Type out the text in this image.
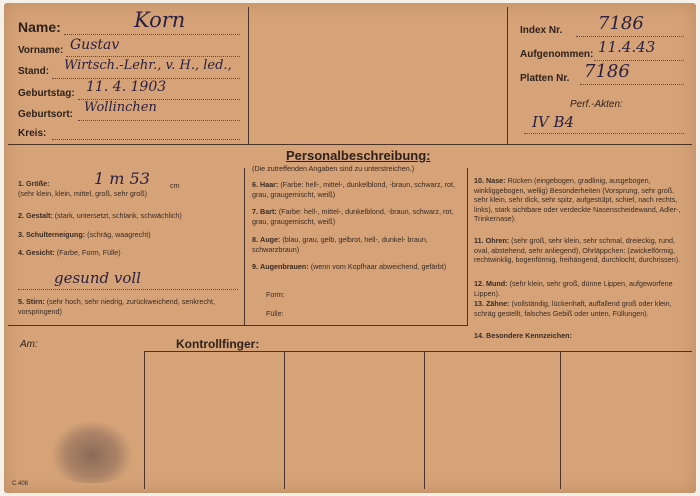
Name:	Korn
Vorname: Gustav
Stand: Wirtsch.-Lehr., v. H., led.,
Geburtstag: 11. 4. 1903
Geburtsort: Wollinchen
Kreis:
Index Nr. 7186
Aufgenommen: 11.4.43
Platten Nr. 7186
Perf.-Akten:
IV B4
Personalbeschreibung:
(Die zutreffenden Angaben sind zu unterstreichen.)
1. Größe:
(sehr klein, klein, mittel, groß, sehr groß)
1 m 53	cm
2. Gestalt: (stark, untersetzt, schlank, schwächlich)
3. Schulterneigung: (schräg, waagrecht)
4. Gesicht: (Farbe, Form, Fülle)
gesund voll
5. Stirn: (sehr hoch, sehr niedrig, zurückweichend, senkrecht, vorspringend)
6. Haar: (Farbe: hell-, mittel-, dunkelblond, -braun, schwarz, rot, grau, graugemischt, weiß)
7. Bart: (Farbe: hell-, mittel-, dunkelblond, -braun, schwarz, rot, grau, graugemischt, weiß)
8. Auge: (blau, grau, gelb, gelbrot, hell-, dunkel- braun, schwarzbraun)
9. Augenbrauen: (wenn vom Kopfhaar abweichend, gefärbt)
Form:
Fülle:
10. Nase: Rücken (eingebogen, gradlinig, ausgebogen, winkliggebogen, wellig) Besonderheiten (Vorsprung, sehr groß, sehr klein, sehr dick, sehr spitz, aufgestülpt, schief, nach rechts, links), stark sichtbare oder verdeckte Nasenscheidewand, Adler-, Trinkernase).
11. Ohren: (sehr groß, sehr klein, sehr schmal, dreieckig, rund, oval, abstehend, sehr anliegend), Ohrläppchen: (zwickelförmig, rechtwinklig, bogenförmig, freihängend, durchlocht, durchrissen).
12. Mund: (sehr klein, sehr groß, dünne Lippen, aufgeworfene Lippen).
13. Zähne: (vollständig, lückenhaft, auffallend groß oder klein, schräg gestellt, falsches Gebiß oder unten, Füllungen).
14. Besondere Kennzeichen:
Am:	Kontrollfinger:
C.408
